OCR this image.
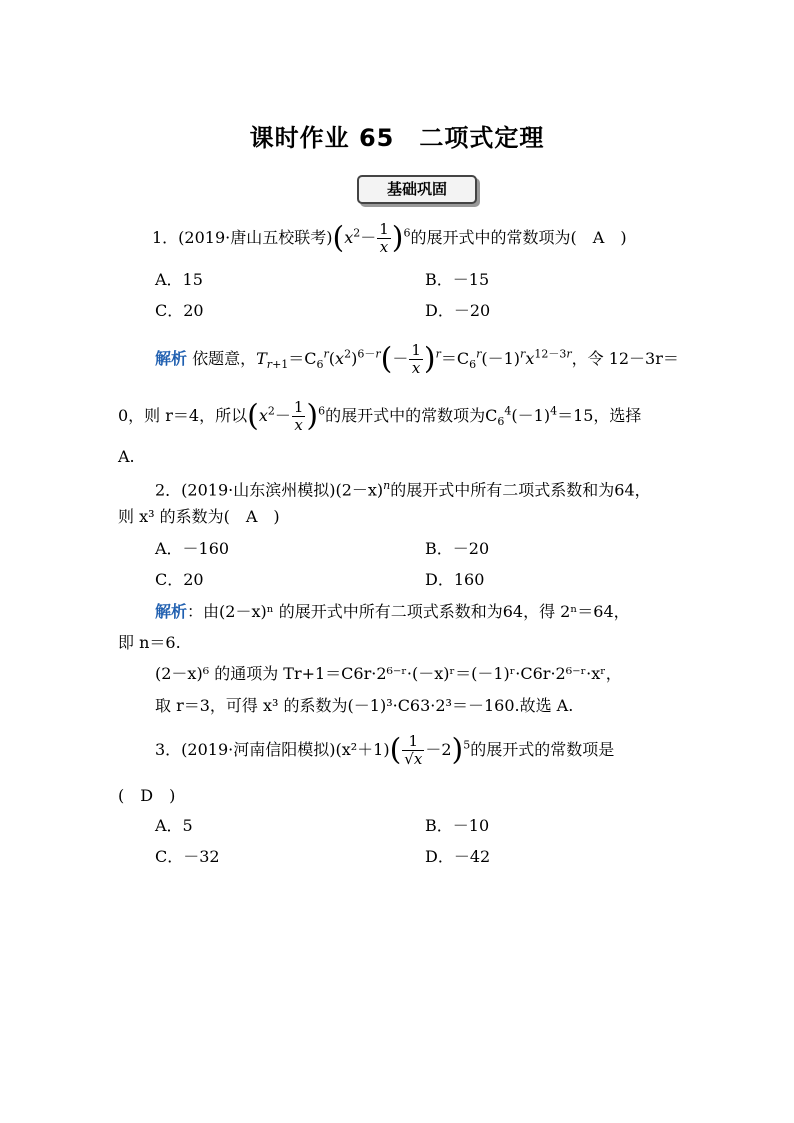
课时作业 65　二项式定理
基础巩固
1．(2019·唐山五校联考)$(x^2- \frac{1}{x} )^6$的展开式中的常数项为(　A　)
A．15	B．－15
C．20	D．－20
解析 依题意，$T_{r+1}=C_6^r(x^2)^{6-r}(- \frac{1}{x} )^r=C_6^r(-1)^rx^{12-3r}$，令 12－3r＝
0，则 r＝4，所以$(x^2- \frac{1}{x} )^6$的展开式中的常数项为$C_6^4(-1)^4=15$，选择
A.
2．(2019·山东滨州模拟)$(2-x)^n$的展开式中所有二项式系数和为64，
则 x³ 的系数为(　A　)
A．－160	B．－20
C．20	D．160
解析：由(2－x)ⁿ 的展开式中所有二项式系数和为64，得 2ⁿ＝64，
即 n＝6.
(2－x)⁶ 的通项为 Tr+1＝C6r·2⁶⁻ʳ·(－x)ʳ＝(－1)ʳ·C6r·2⁶⁻ʳ·xʳ，
取 r＝3，可得 x³ 的系数为(－1)³·C63·2³＝－160.故选 A.
3．(2019·河南信阳模拟)$(x^2+1)( \frac{1}{√x} -2)^5$的展开式的常数项是
(　D　)
A．5	B．－10
C．－32	D．－42
